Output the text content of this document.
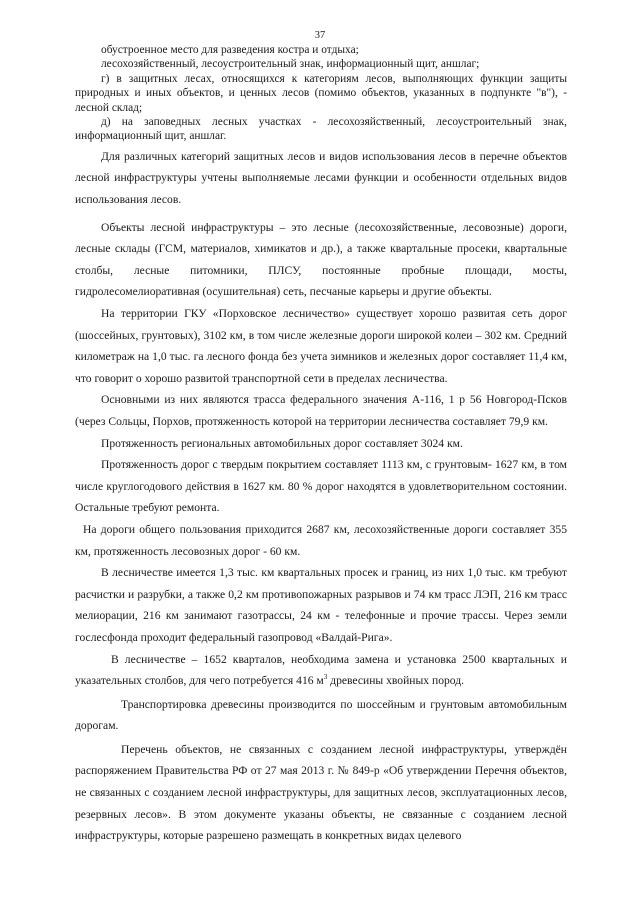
37

обустроенное место для разведения костра и отдыха;

лесохозяйственный, лесоустроительный знак, информационный щит, аншлаг;

г) в защитных лесах, относящихся к категориям лесов, выполняющих функции защиты природных и иных объектов, и ценных лесов (помимо объектов, указанных в подпункте "в"), - лесной склад;

д) на заповедных лесных участках - лесохозяйственный, лесоустроительный знак, информационный щит, аншлаг.

Для различных категорий защитных лесов и видов использования лесов в перечне объектов лесной инфраструктуры учтены выполняемые лесами функции и особенности отдельных видов использования лесов.

Объекты лесной инфраструктуры – это лесные (лесохозяйственные, лесовозные) дороги, лесные склады (ГСМ, материалов, химикатов и др.), а также квартальные просеки, квартальные столбы, лесные питомники, ПЛСУ, постоянные пробные площади, мосты, гидролесомелиоративная (осушительная) сеть, песчаные карьеры и другие объекты.

На территории ГКУ «Порховское лесничество» существует хорошо развитая сеть дорог (шоссейных, грунтовых), 3102 км, в том числе железные дороги широкой колеи – 302 км. Средний километраж на 1,0 тыс. га лесного фонда без учета зимников и железных дорог составляет 11,4 км, что говорит о хорошо развитой транспортной сети в пределах лесничества.

Основными из них являются трасса федерального значения А-116, 1 р 56 Новгород-Псков (через Сольцы, Порхов, протяженность которой на территории лесничества составляет 79,9 км.

Протяженность региональных автомобильных дорог составляет 3024 км.

Протяженность дорог с твердым покрытием составляет 1113 км, с грунтовым- 1627 км, в том числе круглогодового действия в 1627 км. 80 % дорог находятся в удовлетворительном состоянии. Остальные требуют ремонта.

На дороги общего пользования приходится 2687 км, лесохозяйственные дороги составляет 355 км, протяженность лесовозных дорог - 60 км.

В лесничестве имеется 1,3 тыс. км квартальных просек и границ, из них 1,0 тыс. км требуют расчистки и разрубки, а также 0,2 км противопожарных разрывов и 74 км трасс ЛЭП, 216 км трасс мелиорации, 216 км занимают газотрассы, 24 км - телефонные и прочие трассы. Через земли гослесфонда проходит федеральный газопровод «Валдай-Рига».

В лесничестве – 1652 кварталов, необходима замена и установка 2500 квартальных и указательных столбов, для чего потребуется 416 $м^3$ древесины хвойных пород.

Транспортировка древесины производится по шоссейным и грунтовым автомобильным дорогам.

Перечень объектов, не связанных с созданием лесной инфраструктуры, утверждён распоряжением Правительства РФ от 27 мая 2013 г. № 849-р «Об утверждении Перечня объектов, не связанных с созданием лесной инфраструктуры, для защитных лесов, эксплуатационных лесов, резервных лесов». В этом документе указаны объекты, не связанные с созданием лесной инфраструктуры, которые разрешено размещать в конкретных видах целевого
